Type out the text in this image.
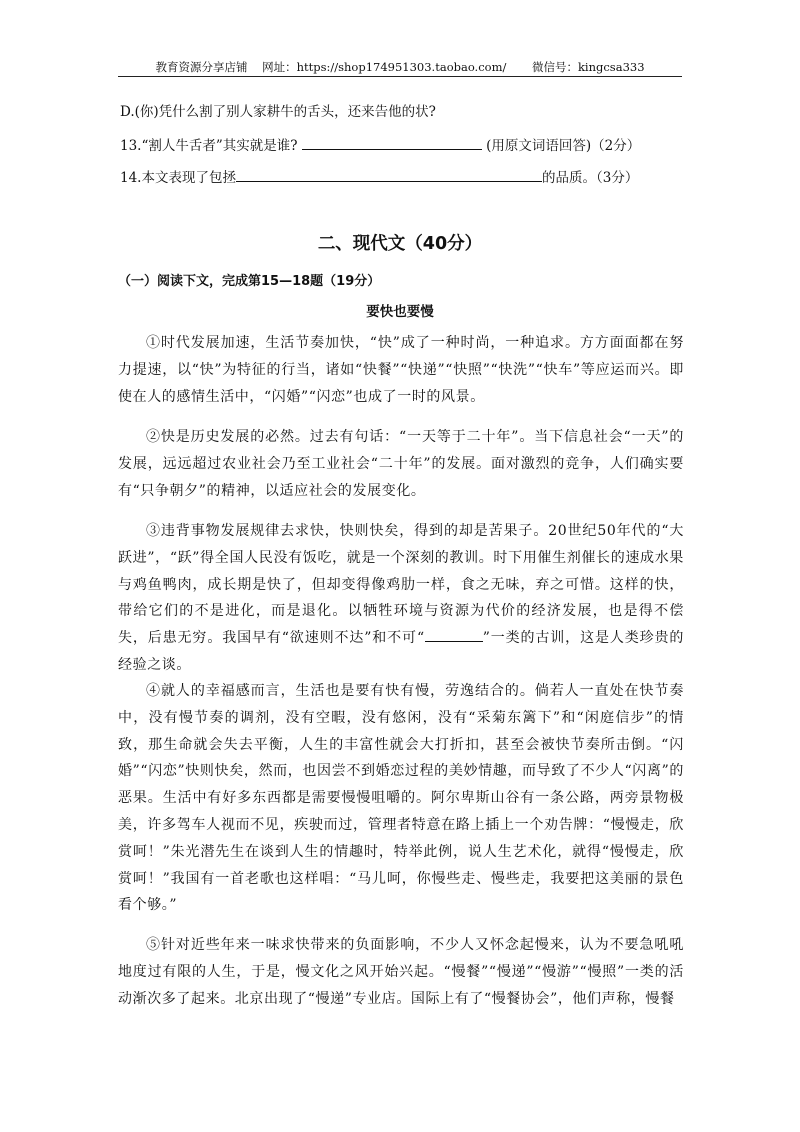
教育资源分享店铺 网址：https://shop174951303.taobao.com/ 微信号：kingcsa333
D.(你)凭什么割了别人家耕牛的舌头，还来告他的状?
13.“割人牛舌者”其实就是谁?	(用原文词语回答)（2分）
14.本文表现了包拯	的品质。（3分）
二、现代文（40分）
（一）阅读下文，完成第15—18题（19分）
要快也要慢
①时代发展加速，生活节奏加快，“快”成了一种时尚，一种追求。方方面面都在努力提速，以“快”为特征的行当，诸如“快餐”“快递”“快照”“快洗”“快车”等应运而兴。即使在人的感情生活中，“闪婚”“闪恋”也成了一时的风景。
②快是历史发展的必然。过去有句话：“一天等于二十年”。当下信息社会“一天”的发展，远远超过农业社会乃至工业社会“二十年”的发展。面对激烈的竞争，人们确实要有“只争朝夕”的精神，以适应社会的发展变化。
③违背事物发展规律去求快，快则快矣，得到的却是苦果子。20世纪50年代的“大跃进”，“跃”得全国人民没有饭吃，就是一个深刻的教训。时下用催生剂催长的速成水果与鸡鱼鸭肉，成长期是快了，但却变得像鸡肋一样，食之无味，弃之可惜。这样的快，带给它们的不是进化，而是退化。以牺牲环境与资源为代价的经济发展，也是得不偿失，后患无穷。我国早有“欲速则不达”和不可“	”一类的古训，这是人类珍贵的经验之谈。
④就人的幸福感而言，生活也是要有快有慢，劳逸结合的。倘若人一直处在快节奏中，没有慢节奏的调剂，没有空暇，没有悠闲，没有“采菊东篱下”和“闲庭信步”的情致，那生命就会失去平衡，人生的丰富性就会大打折扣，甚至会被快节奏所击倒。“闪婚”“闪恋”快则快矣，然而，也因尝不到婚恋过程的美妙情趣，而导致了不少人“闪离”的恶果。生活中有好多东西都是需要慢慢咀嚼的。阿尔卑斯山谷有一条公路，两旁景物极美，许多驾车人视而不见，疾驶而过，管理者特意在路上插上一个劝告牌：“慢慢走，欣赏呵！”朱光潜先生在谈到人生的情趣时，特举此例，说人生艺术化，就得“慢慢走，欣赏呵！”我国有一首老歌也这样唱：“马儿呵，你慢些走、慢些走，我要把这美丽的景色看个够。”
⑤针对近些年来一味求快带来的负面影响，不少人又怀念起慢来，认为不要急吼吼地度过有限的人生，于是，慢文化之风开始兴起。“慢餐”“慢递”“慢游”“慢照”一类的活动渐次多了起来。北京出现了“慢递”专业店。国际上有了“慢餐协会”，他们声称，慢餐
